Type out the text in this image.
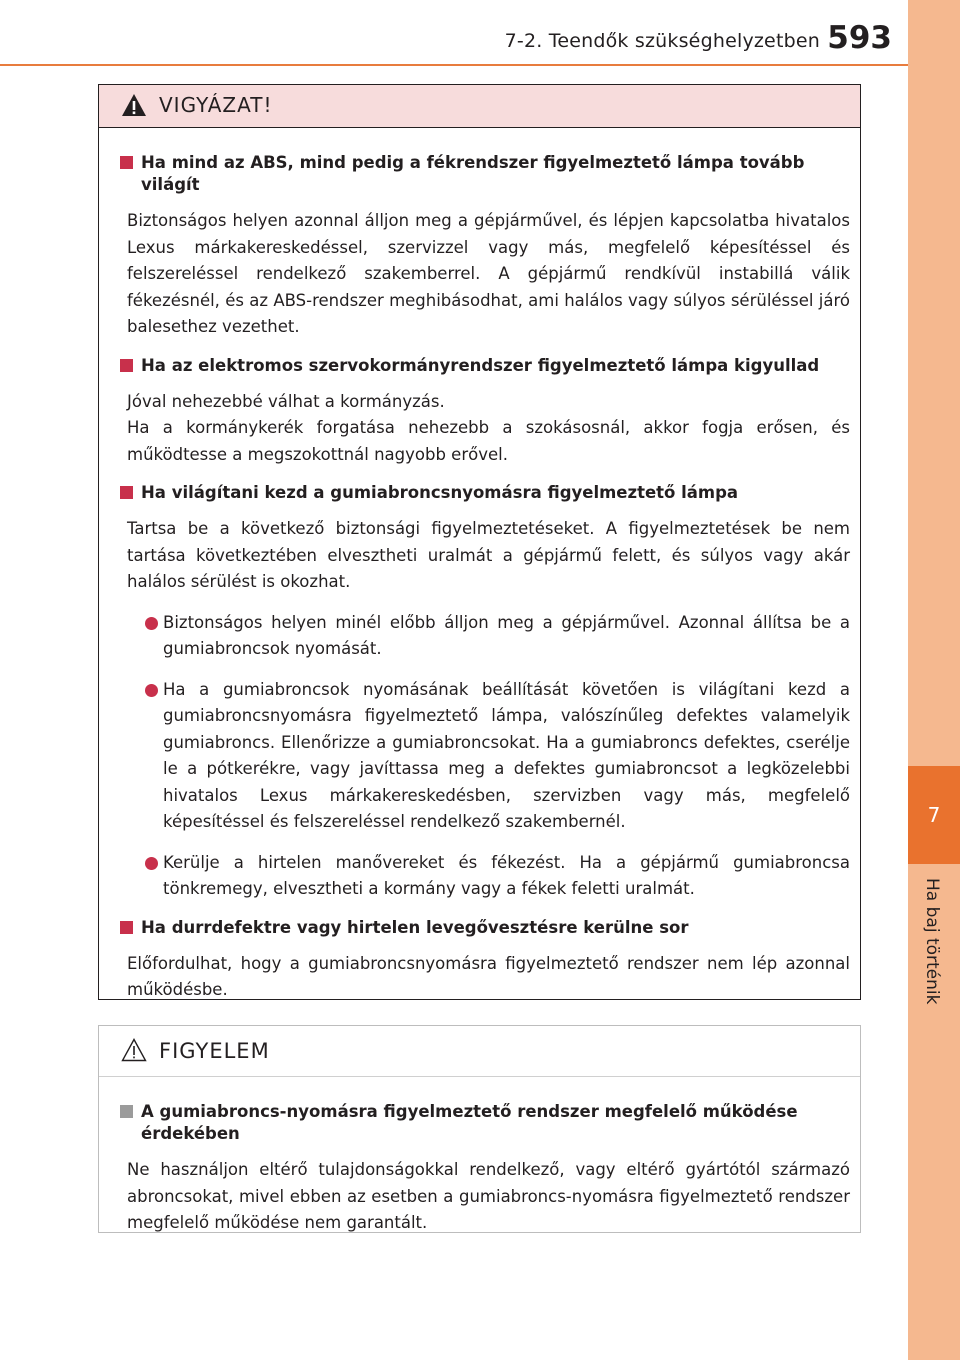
7-2. Teendők szükséghelyzetben 593
7
Ha baj történik
VIGYÁZAT!
Ha mind az ABS, mind pedig a fékrendszer figyelmeztető lámpa tovább világít

Biztonságos helyen azonnal álljon meg a gépjárművel, és lépjen kapcsolatba hivatalos Lexus márkakereskedéssel, szervizzel vagy más, megfelelő képesítéssel és felszereléssel rendelkező szakemberrel. A gépjármű rendkívül instabillá válik fékezésnél, és az ABS-rendszer meghibásodhat, ami halálos vagy súlyos sérüléssel járó balesethez vezethet.

Ha az elektromos szervokormányrendszer figyelmeztető lámpa kigyullad

Jóval nehezebbé válhat a kormányzás.

Ha a kormánykerék forgatása nehezebb a szokásosnál, akkor fogja erősen, és működtesse a megszokottnál nagyobb erővel.

Ha világítani kezd a gumiabroncsnyomásra figyelmeztető lámpa

Tartsa be a következő biztonsági figyelmeztetéseket. A figyelmeztetések be nem tartása következtében elvesztheti uralmát a gépjármű felett, és súlyos vagy akár halálos sérülést is okozhat.

Biztonságos helyen minél előbb álljon meg a gépjárművel. Azonnal állítsa be a gumiabroncsok nyomását.
Ha a gumiabroncsok nyomásának beállítását követően is világítani kezd a gumiabroncsnyomásra figyelmeztető lámpa, valószínűleg defektes valamelyik gumiabroncs. Ellenőrizze a gumiabroncsokat. Ha a gumiabroncs defektes, cserélje le a pótkerékre, vagy javíttassa meg a defektes gumiabroncsot a legközelebbi hivatalos Lexus márkakereskedésben, szervizben vagy más, megfelelő képesítéssel és felszereléssel rendelkező szakembernél.
Kerülje a hirtelen manővereket és fékezést. Ha a gépjármű gumiabroncsa tönkremegy, elvesztheti a kormány vagy a fékek feletti uralmát.
Ha durrdefektre vagy hirtelen levegővesztésre kerülne sor

Előfordulhat, hogy a gumiabroncsnyomásra figyelmeztető rendszer nem lép azonnal működésbe.

FIGYELEM
A gumiabroncs-nyomásra figyelmeztető rendszer megfelelő működése érdekében

Ne használjon eltérő tulajdonságokkal rendelkező, vagy eltérő gyártótól származó abroncsokat, mivel ebben az esetben a gumiabroncs-nyomásra figyelmeztető rendszer megfelelő működése nem garantált.
